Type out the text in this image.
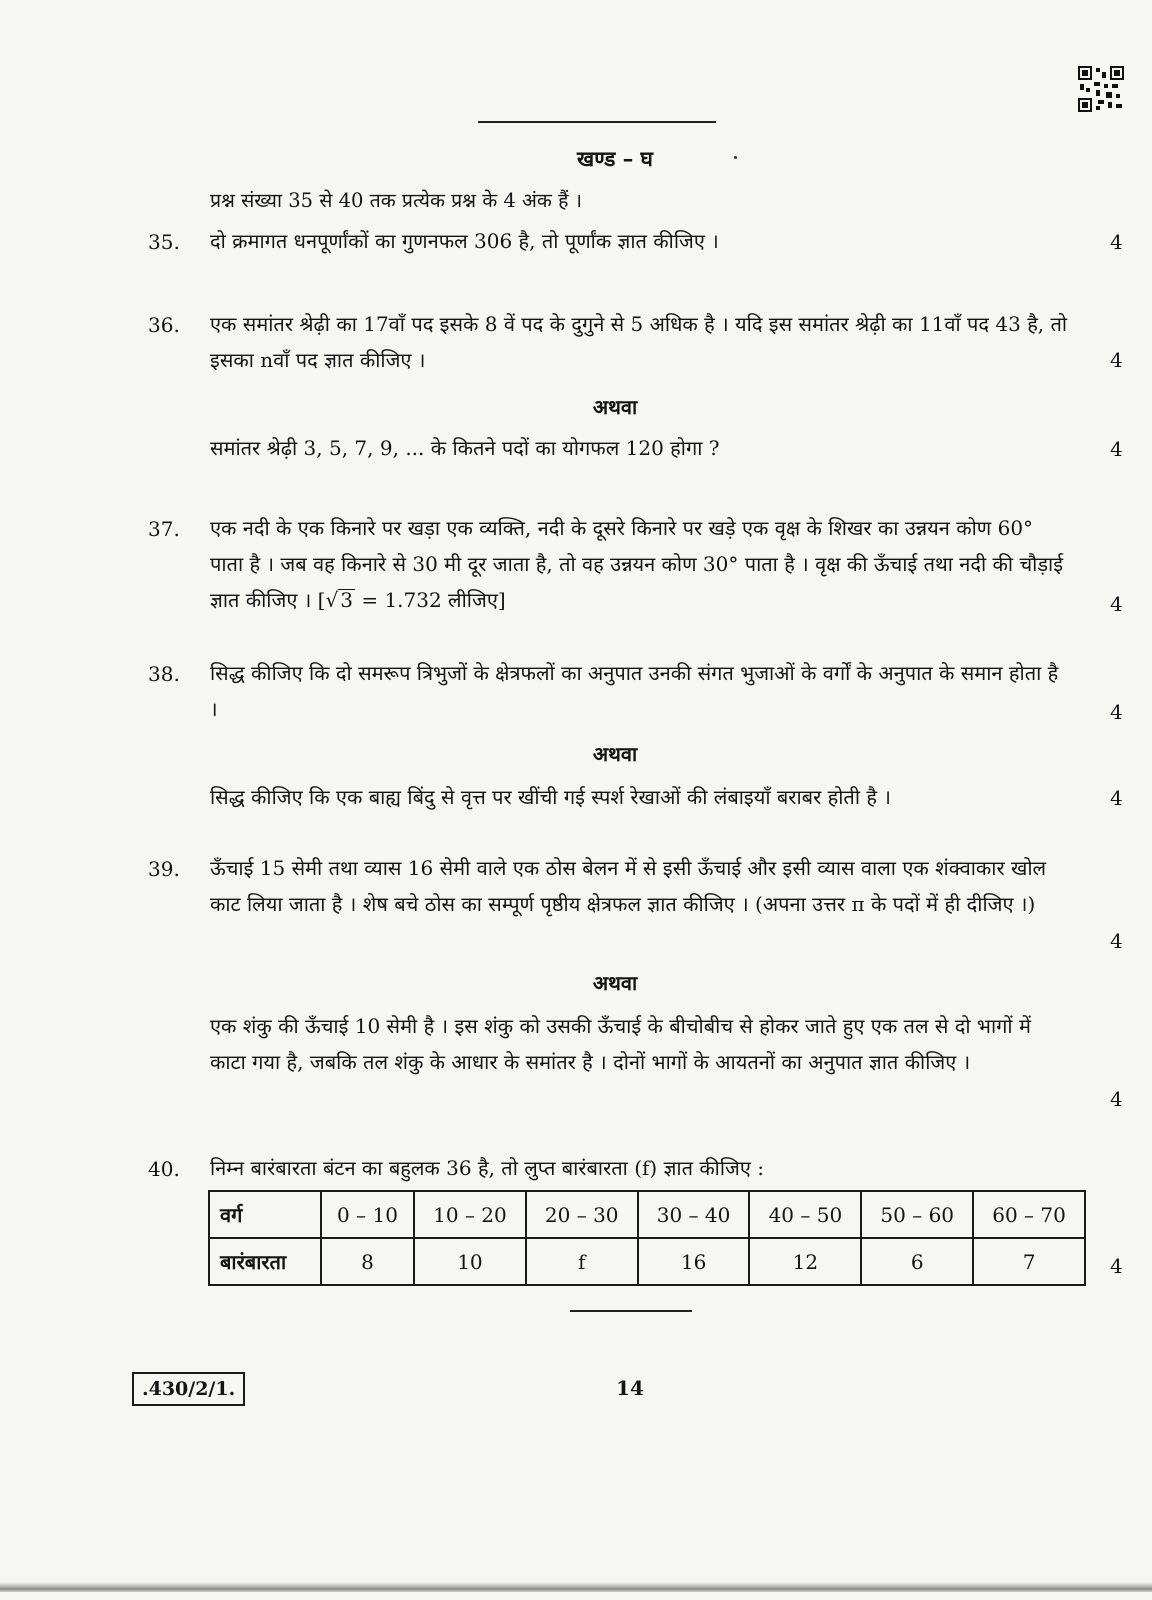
खण्ड – घ
प्रश्न संख्या 35 से 40 तक प्रत्येक प्रश्न के 4 अंक हैं ।
35. दो क्रमागत धनपूर्णांकों का गुणनफल 306 है, तो पूर्णांक ज्ञात कीजिए ।	4
36. एक समांतर श्रेढ़ी का 17वाँ पद इसके 8 वें पद के दुगुने से 5 अधिक है । यदि इस समांतर श्रेढ़ी का 11वाँ पद 43 है, तो इसका nवाँ पद ज्ञात कीजिए ।	4
अथवा
समांतर श्रेढ़ी 3, 5, 7, 9, ... के कितने पदों का योगफल 120 होगा ?	4
37. एक नदी के एक किनारे पर खड़ा एक व्यक्ति, नदी के दूसरे किनारे पर खड़े एक वृक्ष के शिखर का उन्नयन कोण 60° पाता है । जब वह किनारे से 30 मी दूर जाता है, तो वह उन्नयन कोण 30° पाता है । वृक्ष की ऊँचाई तथा नदी की चौड़ाई ज्ञात कीजिए । [√ 3 = 1.732 लीजिए]	4
38. सिद्ध कीजिए कि दो समरूप त्रिभुजों के क्षेत्रफलों का अनुपात उनकी संगत भुजाओं के वर्गों के अनुपात के समान होता है ।	4
अथवा
सिद्ध कीजिए कि एक बाह्य बिंदु से वृत्त पर खींची गई स्पर्श रेखाओं की लंबाइयाँ बराबर होती है ।	4
39. ऊँचाई 15 सेमी तथा व्यास 16 सेमी वाले एक ठोस बेलन में से इसी ऊँचाई और इसी व्यास वाला एक शंक्वाकार खोल काट लिया जाता है । शेष बचे ठोस का सम्पूर्ण पृष्ठीय क्षेत्रफल ज्ञात कीजिए । (अपना उत्तर π के पदों में ही दीजिए ।)
4
अथवा
एक शंकु की ऊँचाई 10 सेमी है । इस शंकु को उसकी ऊँचाई के बीचोबीच से होकर जाते हुए एक तल से दो भागों में काटा गया है, जबकि तल शंकु के आधार के समांतर है । दोनों भागों के आयतनों का अनुपात ज्ञात कीजिए ।
4
40. निम्न बारंबारता बंटन का बहुलक 36 है, तो लुप्त बारंबारता (f) ज्ञात कीजिए :
वर्ग	0 – 10	10 – 20	20 – 30	30 – 40	40 – 50	50 – 60	60 – 70
बारंबारता	8	10	f	16	12	6	7	4
.430/2/1.	14
